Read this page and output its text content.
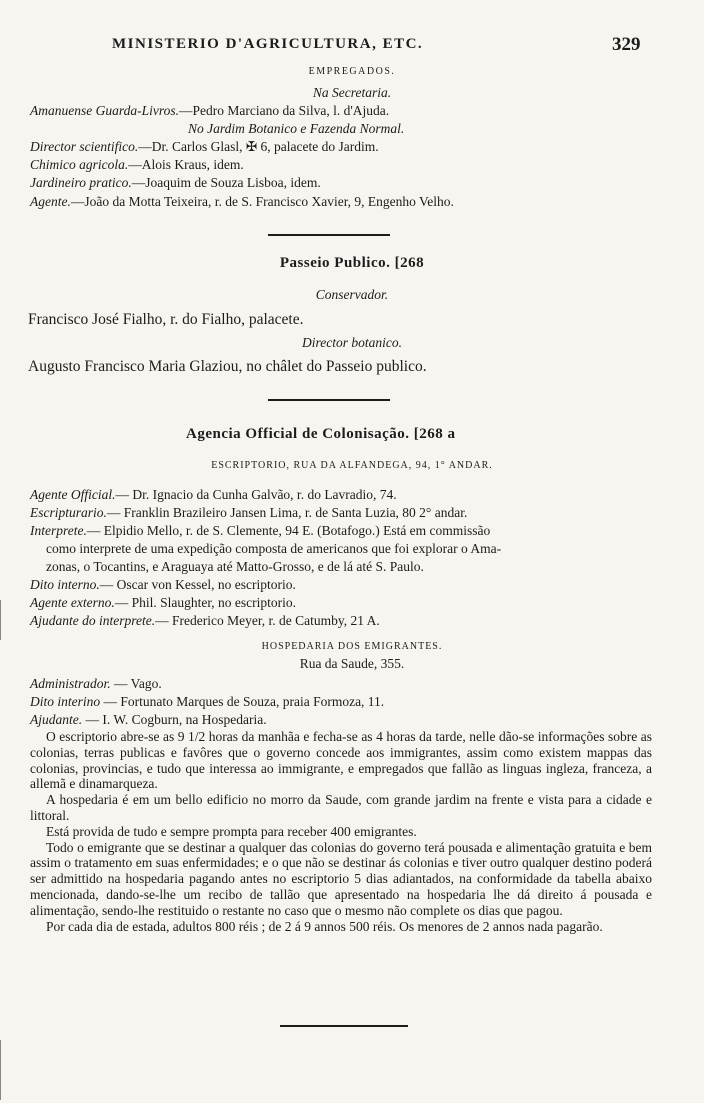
MINISTERIO D'AGRICULTURA, ETC.	329
EMPREGADOS.
Na Secretaria.
Amanuense Guarda-Livros.—Pedro Marciano da Silva, l. d'Ajuda.
No Jardim Botanico e Fazenda Normal.
Director scientifico.—Dr. Carlos Glasl, ✠ 6, palacete do Jardim.
Chimico agricola.—Alois Kraus, idem.
Jardineiro pratico.—Joaquim de Souza Lisboa, idem.
Agente.—João da Motta Teixeira, r. de S. Francisco Xavier, 9, Engenho Velho.
Passeio Publico. [268
Conservador.
Francisco José Fialho, r. do Fialho, palacete.
Director botanico.
Augusto Francisco Maria Glaziou, no châlet do Passeio publico.
Agencia Official de Colonisação. [268 a
ESCRIPTORIO, RUA DA ALFANDEGA, 94, 1° ANDAR.
Agente Official.— Dr. Ignacio da Cunha Galvão, r. do Lavradio, 74.
Escripturario.— Franklin Brazileiro Jansen Lima, r. de Santa Luzia, 80 2° andar.
Interprete.— Elpidio Mello, r. de S. Clemente, 94 E. (Botafogo.) Está em commissão
como interprete de uma expedição composta de americanos que foi explorar o Ama-
zonas, o Tocantins, e Araguaya até Matto-Grosso, e de lá até S. Paulo.
Dito interno.— Oscar von Kessel, no escriptorio.
Agente externo.— Phil. Slaughter, no escriptorio.
Ajudante do interprete.— Frederico Meyer, r. de Catumby, 21 A.
HOSPEDARIA DOS EMIGRANTES.
Rua da Saude, 355.
Administrador. — Vago.
Dito interino — Fortunato Marques de Souza, praia Formoza, 11.
Ajudante. — I. W. Cogburn, na Hospedaria.

O escriptorio abre-se as 9 1/2 horas da manhãa e fecha-se as 4 horas da tarde, nelle dão-se informações sobre as colonias, terras publicas e favôres que o governo concede aos immigrantes, assim como existem mappas das colonias, provincias, e tudo que interessa ao immigrante, e empregados que fallão as linguas ingleza, franceza, a allemã e dinamarqueza.

A hospedaria é em um bello edificio no morro da Saude, com grande jardim na frente e vista para a cidade e littoral.

Está provida de tudo e sempre prompta para receber 400 emigrantes.

Todo o emigrante que se destinar a qualquer das colonias do governo terá pousada e alimentação gratuita e bem assim o tratamento em suas enfermidades; e o que não se destinar ás colonias e tiver outro qualquer destino poderá ser admittido na hospedaria pagando antes no escriptorio 5 dias adiantados, na conformidade da tabella abaixo mencionada, dando-se-lhe um recibo de tallão que apresentado na hospedaria lhe dá direito á pousada e alimentação, sendo-lhe restituido o restante no caso que o mesmo não complete os dias que pagou.

Por cada dia de estada, adultos 800 réis ; de 2 á 9 annos 500 réis. Os menores de 2 annos nada pagarão.
